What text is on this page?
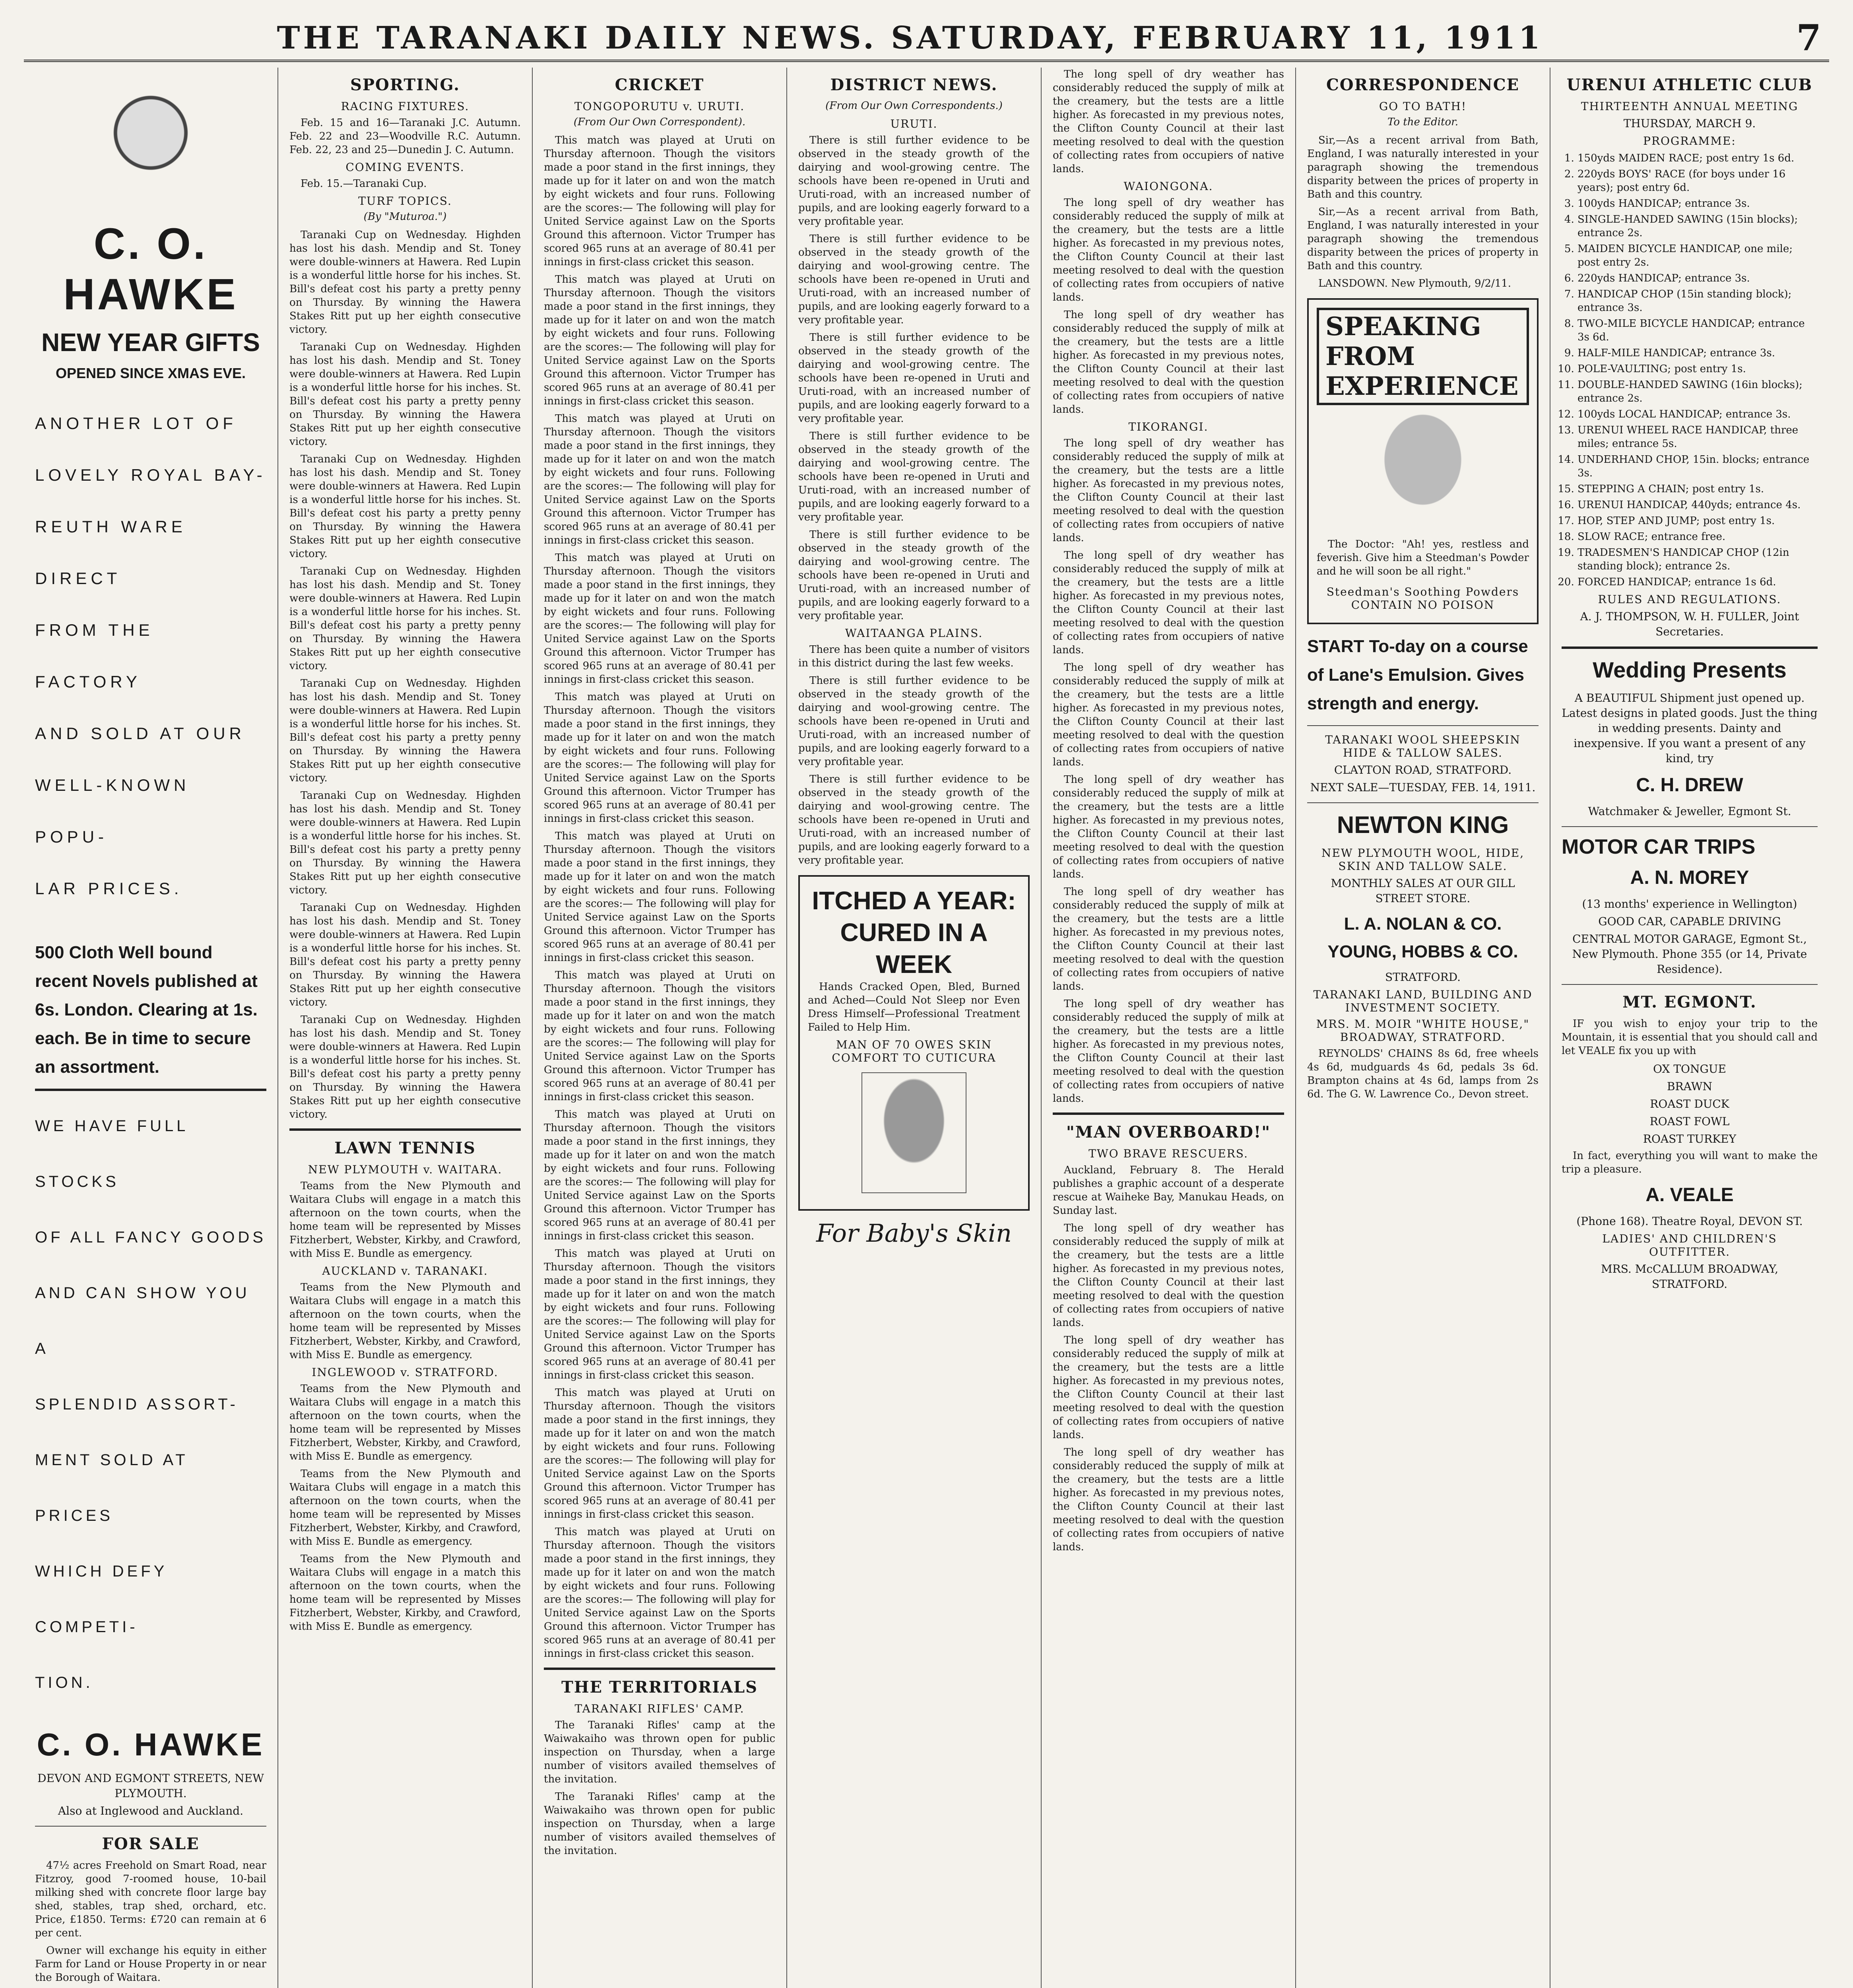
THE TARANAKI DAILY NEWS. SATURDAY, FEBRUARY 11, 1911	7
C. O. HAWKE
NEW YEAR GIFTS
OPENED SINCE XMAS EVE.
ANOTHER LOT OF
LOVELY ROYAL BAY-
REUTH WARE DIRECT
FROM THE FACTORY
AND SOLD AT OUR
WELL-KNOWN POPU-
LAR PRICES.
500 Cloth Well bound recent Novels published at 6s. London. Clearing at 1s. each. Be in time to secure an assortment.
WE HAVE FULL STOCKS
OF ALL FANCY GOODS
AND CAN SHOW YOU A
SPLENDID ASSORT-
MENT SOLD AT PRICES
WHICH DEFY COMPETI-
TION.
C. O. HAWKE
DEVON AND EGMONT STREETS, NEW PLYMOUTH.
Also at Inglewood and Auckland.
FOR SALE

47½ acres Freehold on Smart Road, near Fitzroy, good 7-roomed house, 10-bail milking shed with concrete floor large bay shed, stables, trap shed, orchard, etc. Price, £1850. Terms: £720 can remain at 6 per cent.

Owner will exchange his equity in either Farm for Land or House Property in or near the Borough of Waitara.

SPORTING.
RACING FIXTURES.

Feb. 15 and 16—Taranaki J.C. Autumn. Feb. 22 and 23—Woodville R.C. Autumn. Feb. 22, 23 and 25—Dunedin J. C. Autumn.

COMING EVENTS.

Feb. 15.—Taranaki Cup.

TURF TOPICS.
(By "Muturoa.")

Taranaki Cup on Wednesday. Highden has lost his dash. Mendip and St. Toney were double-winners at Hawera. Red Lupin is a wonderful little horse for his inches. St. Bill's defeat cost his party a pretty penny on Thursday. By winning the Hawera Stakes Ritt put up her eighth consecutive victory.

Taranaki Cup on Wednesday. Highden has lost his dash. Mendip and St. Toney were double-winners at Hawera. Red Lupin is a wonderful little horse for his inches. St. Bill's defeat cost his party a pretty penny on Thursday. By winning the Hawera Stakes Ritt put up her eighth consecutive victory.

Taranaki Cup on Wednesday. Highden has lost his dash. Mendip and St. Toney were double-winners at Hawera. Red Lupin is a wonderful little horse for his inches. St. Bill's defeat cost his party a pretty penny on Thursday. By winning the Hawera Stakes Ritt put up her eighth consecutive victory.

Taranaki Cup on Wednesday. Highden has lost his dash. Mendip and St. Toney were double-winners at Hawera. Red Lupin is a wonderful little horse for his inches. St. Bill's defeat cost his party a pretty penny on Thursday. By winning the Hawera Stakes Ritt put up her eighth consecutive victory.

Taranaki Cup on Wednesday. Highden has lost his dash. Mendip and St. Toney were double-winners at Hawera. Red Lupin is a wonderful little horse for his inches. St. Bill's defeat cost his party a pretty penny on Thursday. By winning the Hawera Stakes Ritt put up her eighth consecutive victory.

Taranaki Cup on Wednesday. Highden has lost his dash. Mendip and St. Toney were double-winners at Hawera. Red Lupin is a wonderful little horse for his inches. St. Bill's defeat cost his party a pretty penny on Thursday. By winning the Hawera Stakes Ritt put up her eighth consecutive victory.

Taranaki Cup on Wednesday. Highden has lost his dash. Mendip and St. Toney were double-winners at Hawera. Red Lupin is a wonderful little horse for his inches. St. Bill's defeat cost his party a pretty penny on Thursday. By winning the Hawera Stakes Ritt put up her eighth consecutive victory.

Taranaki Cup on Wednesday. Highden has lost his dash. Mendip and St. Toney were double-winners at Hawera. Red Lupin is a wonderful little horse for his inches. St. Bill's defeat cost his party a pretty penny on Thursday. By winning the Hawera Stakes Ritt put up her eighth consecutive victory.

LAWN TENNIS
NEW PLYMOUTH v. WAITARA.

Teams from the New Plymouth and Waitara Clubs will engage in a match this afternoon on the town courts, when the home team will be represented by Misses Fitzherbert, Webster, Kirkby, and Crawford, with Miss E. Bundle as emergency.

AUCKLAND v. TARANAKI.

Teams from the New Plymouth and Waitara Clubs will engage in a match this afternoon on the town courts, when the home team will be represented by Misses Fitzherbert, Webster, Kirkby, and Crawford, with Miss E. Bundle as emergency.

INGLEWOOD v. STRATFORD.

Teams from the New Plymouth and Waitara Clubs will engage in a match this afternoon on the town courts, when the home team will be represented by Misses Fitzherbert, Webster, Kirkby, and Crawford, with Miss E. Bundle as emergency.

Teams from the New Plymouth and Waitara Clubs will engage in a match this afternoon on the town courts, when the home team will be represented by Misses Fitzherbert, Webster, Kirkby, and Crawford, with Miss E. Bundle as emergency.

Teams from the New Plymouth and Waitara Clubs will engage in a match this afternoon on the town courts, when the home team will be represented by Misses Fitzherbert, Webster, Kirkby, and Crawford, with Miss E. Bundle as emergency.

CRICKET
TONGOPORUTU v. URUTI.
(From Our Own Correspondent).

This match was played at Uruti on Thursday afternoon. Though the visitors made a poor stand in the first innings, they made up for it later on and won the match by eight wickets and four runs. Following are the scores:— The following will play for United Service against Law on the Sports Ground this afternoon. Victor Trumper has scored 965 runs at an average of 80.41 per innings in first-class cricket this season.

This match was played at Uruti on Thursday afternoon. Though the visitors made a poor stand in the first innings, they made up for it later on and won the match by eight wickets and four runs. Following are the scores:— The following will play for United Service against Law on the Sports Ground this afternoon. Victor Trumper has scored 965 runs at an average of 80.41 per innings in first-class cricket this season.

This match was played at Uruti on Thursday afternoon. Though the visitors made a poor stand in the first innings, they made up for it later on and won the match by eight wickets and four runs. Following are the scores:— The following will play for United Service against Law on the Sports Ground this afternoon. Victor Trumper has scored 965 runs at an average of 80.41 per innings in first-class cricket this season.

This match was played at Uruti on Thursday afternoon. Though the visitors made a poor stand in the first innings, they made up for it later on and won the match by eight wickets and four runs. Following are the scores:— The following will play for United Service against Law on the Sports Ground this afternoon. Victor Trumper has scored 965 runs at an average of 80.41 per innings in first-class cricket this season.

This match was played at Uruti on Thursday afternoon. Though the visitors made a poor stand in the first innings, they made up for it later on and won the match by eight wickets and four runs. Following are the scores:— The following will play for United Service against Law on the Sports Ground this afternoon. Victor Trumper has scored 965 runs at an average of 80.41 per innings in first-class cricket this season.

This match was played at Uruti on Thursday afternoon. Though the visitors made a poor stand in the first innings, they made up for it later on and won the match by eight wickets and four runs. Following are the scores:— The following will play for United Service against Law on the Sports Ground this afternoon. Victor Trumper has scored 965 runs at an average of 80.41 per innings in first-class cricket this season.

This match was played at Uruti on Thursday afternoon. Though the visitors made a poor stand in the first innings, they made up for it later on and won the match by eight wickets and four runs. Following are the scores:— The following will play for United Service against Law on the Sports Ground this afternoon. Victor Trumper has scored 965 runs at an average of 80.41 per innings in first-class cricket this season.

This match was played at Uruti on Thursday afternoon. Though the visitors made a poor stand in the first innings, they made up for it later on and won the match by eight wickets and four runs. Following are the scores:— The following will play for United Service against Law on the Sports Ground this afternoon. Victor Trumper has scored 965 runs at an average of 80.41 per innings in first-class cricket this season.

This match was played at Uruti on Thursday afternoon. Though the visitors made a poor stand in the first innings, they made up for it later on and won the match by eight wickets and four runs. Following are the scores:— The following will play for United Service against Law on the Sports Ground this afternoon. Victor Trumper has scored 965 runs at an average of 80.41 per innings in first-class cricket this season.

This match was played at Uruti on Thursday afternoon. Though the visitors made a poor stand in the first innings, they made up for it later on and won the match by eight wickets and four runs. Following are the scores:— The following will play for United Service against Law on the Sports Ground this afternoon. Victor Trumper has scored 965 runs at an average of 80.41 per innings in first-class cricket this season.

This match was played at Uruti on Thursday afternoon. Though the visitors made a poor stand in the first innings, they made up for it later on and won the match by eight wickets and four runs. Following are the scores:— The following will play for United Service against Law on the Sports Ground this afternoon. Victor Trumper has scored 965 runs at an average of 80.41 per innings in first-class cricket this season.

THE TERRITORIALS
TARANAKI RIFLES' CAMP.

The Taranaki Rifles' camp at the Waiwakaiho was thrown open for public inspection on Thursday, when a large number of visitors availed themselves of the invitation.

The Taranaki Rifles' camp at the Waiwakaiho was thrown open for public inspection on Thursday, when a large number of visitors availed themselves of the invitation.

DISTRICT NEWS.
(From Our Own Correspondents.)
URUTI.

There is still further evidence to be observed in the steady growth of the dairying and wool-growing centre. The schools have been re-opened in Uruti and Uruti-road, with an increased number of pupils, and are looking eagerly forward to a very profitable year.

There is still further evidence to be observed in the steady growth of the dairying and wool-growing centre. The schools have been re-opened in Uruti and Uruti-road, with an increased number of pupils, and are looking eagerly forward to a very profitable year.

There is still further evidence to be observed in the steady growth of the dairying and wool-growing centre. The schools have been re-opened in Uruti and Uruti-road, with an increased number of pupils, and are looking eagerly forward to a very profitable year.

There is still further evidence to be observed in the steady growth of the dairying and wool-growing centre. The schools have been re-opened in Uruti and Uruti-road, with an increased number of pupils, and are looking eagerly forward to a very profitable year.

There is still further evidence to be observed in the steady growth of the dairying and wool-growing centre. The schools have been re-opened in Uruti and Uruti-road, with an increased number of pupils, and are looking eagerly forward to a very profitable year.

WAITAANGA PLAINS.

There has been quite a number of visitors in this district during the last few weeks.

There is still further evidence to be observed in the steady growth of the dairying and wool-growing centre. The schools have been re-opened in Uruti and Uruti-road, with an increased number of pupils, and are looking eagerly forward to a very profitable year.

There is still further evidence to be observed in the steady growth of the dairying and wool-growing centre. The schools have been re-opened in Uruti and Uruti-road, with an increased number of pupils, and are looking eagerly forward to a very profitable year.

ITCHED A YEAR: CURED IN A WEEK

Hands Cracked Open, Bled, Burned and Ached—Could Not Sleep nor Even Dress Himself—Professional Treatment Failed to Help Him.

MAN OF 70 OWES SKIN COMFORT TO CUTICURA
For Baby's Skin

The long spell of dry weather has considerably reduced the supply of milk at the creamery, but the tests are a little higher. As forecasted in my previous notes, the Clifton County Council at their last meeting resolved to deal with the question of collecting rates from occupiers of native lands.

WAIONGONA.

The long spell of dry weather has considerably reduced the supply of milk at the creamery, but the tests are a little higher. As forecasted in my previous notes, the Clifton County Council at their last meeting resolved to deal with the question of collecting rates from occupiers of native lands.

The long spell of dry weather has considerably reduced the supply of milk at the creamery, but the tests are a little higher. As forecasted in my previous notes, the Clifton County Council at their last meeting resolved to deal with the question of collecting rates from occupiers of native lands.

TIKORANGI.

The long spell of dry weather has considerably reduced the supply of milk at the creamery, but the tests are a little higher. As forecasted in my previous notes, the Clifton County Council at their last meeting resolved to deal with the question of collecting rates from occupiers of native lands.

The long spell of dry weather has considerably reduced the supply of milk at the creamery, but the tests are a little higher. As forecasted in my previous notes, the Clifton County Council at their last meeting resolved to deal with the question of collecting rates from occupiers of native lands.

The long spell of dry weather has considerably reduced the supply of milk at the creamery, but the tests are a little higher. As forecasted in my previous notes, the Clifton County Council at their last meeting resolved to deal with the question of collecting rates from occupiers of native lands.

The long spell of dry weather has considerably reduced the supply of milk at the creamery, but the tests are a little higher. As forecasted in my previous notes, the Clifton County Council at their last meeting resolved to deal with the question of collecting rates from occupiers of native lands.

The long spell of dry weather has considerably reduced the supply of milk at the creamery, but the tests are a little higher. As forecasted in my previous notes, the Clifton County Council at their last meeting resolved to deal with the question of collecting rates from occupiers of native lands.

The long spell of dry weather has considerably reduced the supply of milk at the creamery, but the tests are a little higher. As forecasted in my previous notes, the Clifton County Council at their last meeting resolved to deal with the question of collecting rates from occupiers of native lands.

"MAN OVERBOARD!"
TWO BRAVE RESCUERS.

Auckland, February 8. The Herald publishes a graphic account of a desperate rescue at Waiheke Bay, Manukau Heads, on Sunday last.

The long spell of dry weather has considerably reduced the supply of milk at the creamery, but the tests are a little higher. As forecasted in my previous notes, the Clifton County Council at their last meeting resolved to deal with the question of collecting rates from occupiers of native lands.

The long spell of dry weather has considerably reduced the supply of milk at the creamery, but the tests are a little higher. As forecasted in my previous notes, the Clifton County Council at their last meeting resolved to deal with the question of collecting rates from occupiers of native lands.

The long spell of dry weather has considerably reduced the supply of milk at the creamery, but the tests are a little higher. As forecasted in my previous notes, the Clifton County Council at their last meeting resolved to deal with the question of collecting rates from occupiers of native lands.

CORRESPONDENCE
GO TO BATH!
To the Editor.

Sir,—As a recent arrival from Bath, England, I was naturally interested in your paragraph showing the tremendous disparity between the prices of property in Bath and this country.

Sir,—As a recent arrival from Bath, England, I was naturally interested in your paragraph showing the tremendous disparity between the prices of property in Bath and this country.

LANSDOWN. New Plymouth, 9/2/11.

SPEAKING FROM EXPERIENCE

The Doctor: "Ah! yes, restless and feverish. Give him a Steedman's Powder and he will soon be all right."

Steedman's Soothing Powders CONTAIN NO POISON
START To-day on a course of Lane's Emulsion. Gives strength and energy.
TARANAKI WOOL SHEEPSKIN HIDE & TALLOW SALES.
CLAYTON ROAD, STRATFORD.
NEXT SALE—TUESDAY, FEB. 14, 1911.
NEWTON KING
NEW PLYMOUTH WOOL, HIDE, SKIN AND TALLOW SALE.
MONTHLY SALES AT OUR GILL STREET STORE.
L. A. NOLAN & CO.
YOUNG, HOBBS & CO.
STRATFORD.
TARANAKI LAND, BUILDING AND INVESTMENT SOCIETY.
MRS. M. MOIR "WHITE HOUSE," BROADWAY, STRATFORD.

REYNOLDS' CHAINS 8s 6d, free wheels 4s 6d, mudguards 4s 6d, pedals 3s 6d. Brampton chains at 4s 6d, lamps from 2s 6d. The G. W. Lawrence Co., Devon street.

URENUI ATHLETIC CLUB
THIRTEENTH ANNUAL MEETING
THURSDAY, MARCH 9.
PROGRAMME:
1. 150yds MAIDEN RACE; post entry 1s 6d.
2. 220yds BOYS' RACE (for boys under 16 years); post entry 6d.
3. 100yds HANDICAP; entrance 3s.
4. SINGLE-HANDED SAWING (15in blocks); entrance 2s.
5. MAIDEN BICYCLE HANDICAP, one mile; post entry 2s.
6. 220yds HANDICAP; entrance 3s.
7. HANDICAP CHOP (15in standing block); entrance 3s.
8. TWO-MILE BICYCLE HANDICAP; entrance 3s 6d.
9. HALF-MILE HANDICAP; entrance 3s.
10. POLE-VAULTING; post entry 1s.
11. DOUBLE-HANDED SAWING (16in blocks); entrance 2s.
12. 100yds LOCAL HANDICAP; entrance 3s.
13. URENUI WHEEL RACE HANDICAP, three miles; entrance 5s.
14. UNDERHAND CHOP, 15in. blocks; entrance 3s.
15. STEPPING A CHAIN; post entry 1s.
16. URENUI HANDICAP, 440yds; entrance 4s.
17. HOP, STEP AND JUMP; post entry 1s.
18. SLOW RACE; entrance free.
19. TRADESMEN'S HANDICAP CHOP (12in standing block); entrance 2s.
20. FORCED HANDICAP; entrance 1s 6d.
RULES AND REGULATIONS.
A. J. THOMPSON, W. H. FULLER, Joint Secretaries.
Wedding Presents
A BEAUTIFUL Shipment just opened up. Latest designs in plated goods. Just the thing in wedding presents. Dainty and inexpensive. If you want a present of any kind, try
C. H. DREW
Watchmaker & Jeweller, Egmont St.
MOTOR CAR TRIPS
A. N. MOREY
(13 months' experience in Wellington)
GOOD CAR, CAPABLE DRIVING
CENTRAL MOTOR GARAGE, Egmont St., New Plymouth. Phone 355 (or 14, Private Residence).
MT. EGMONT.

IF you wish to enjoy your trip to the Mountain, it is essential that you should call and let VEALE fix you up with

OX TONGUE
BRAWN
ROAST DUCK
ROAST FOWL
ROAST TURKEY

In fact, everything you will want to make the trip a pleasure.

A. VEALE
(Phone 168). Theatre Royal, DEVON ST.
LADIES' AND CHILDREN'S OUTFITTER.
MRS. McCALLUM BROADWAY, STRATFORD.
